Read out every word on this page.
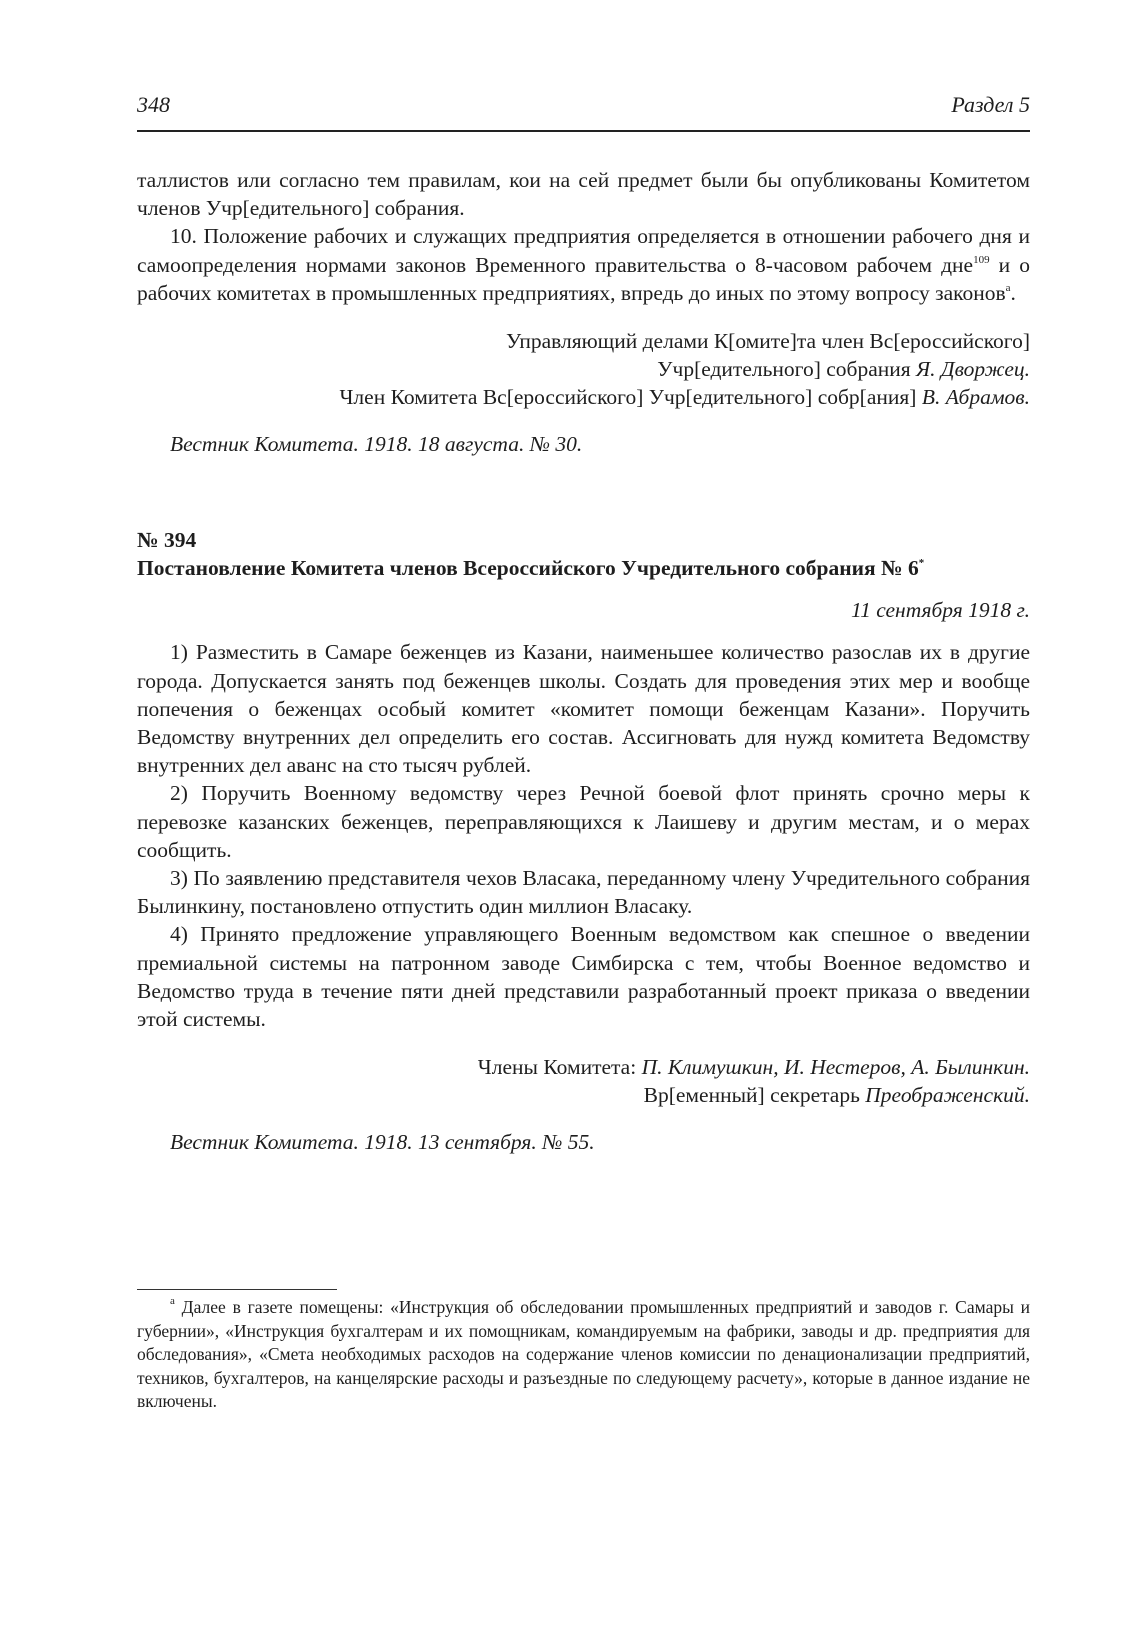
348	Раздел 5

таллистов или согласно тем правилам, кои на сей предмет были бы опубликованы Комитетом членов Учр[едительного] собрания.

10. Положение рабочих и служащих предприятия определяется в отношении рабочего дня и самоопределения нормами законов Временного правительства о 8-часовом рабочем дне$^{109}$ и о рабочих комитетах в промышленных предприятиях, впредь до иных по этому вопросу законов$^а$.

Управляющий делами К[омите]та член Вс[ероссийского]

Учр[едительного] собрания Я. Дворжец.

Член Комитета Вс[ероссийского] Учр[едительного] собр[ания] В. Абрамов.

Вестник Комитета. 1918. 18 августа. № 30.

№ 394

Постановление Комитета членов Всероссийского Учредительного собрания № 6*

11 сентября 1918 г.

1) Разместить в Самаре беженцев из Казани, наименьшее количество разослав их в другие города. Допускается занять под беженцев школы. Создать для проведения этих мер и вообще попечения о беженцах особый комитет «комитет помощи беженцам Казани». Поручить Ведомству внутренних дел определить его состав. Ассигновать для нужд комитета Ведомству внутренних дел аванс на сто тысяч рублей.

2) Поручить Военному ведомству через Речной боевой флот принять срочно меры к перевозке казанских беженцев, переправляющихся к Лаишеву и другим местам, и о мерах сообщить.

3) По заявлению представителя чехов Власака, переданному члену Учредительного собрания Былинкину, постановлено отпустить один миллион Власаку.

4) Принято предложение управляющего Военным ведомством как спешное о введении премиальной системы на патронном заводе Симбирска с тем, чтобы Военное ведомство и Ведомство труда в течение пяти дней представили разработанный проект приказа о введении этой системы.

Члены Комитета: П. Климушкин, И. Нестеров, А. Былинкин.

Вр[еменный] секретарь Преображенский.

Вестник Комитета. 1918. 13 сентября. № 55.

$^а$ Далее в газете помещены: «Инструкция об обследовании промышленных предприятий и заводов г. Самары и губернии», «Инструкция бухгалтерам и их помощникам, командируемым на фабрики, заводы и др. предприятия для обследования», «Смета необходимых расходов на содержание членов комиссии по денационализации предприятий, техников, бухгалтеров, на канцелярские расходы и разъездные по следующему расчету», которые в данное издание не включены.
